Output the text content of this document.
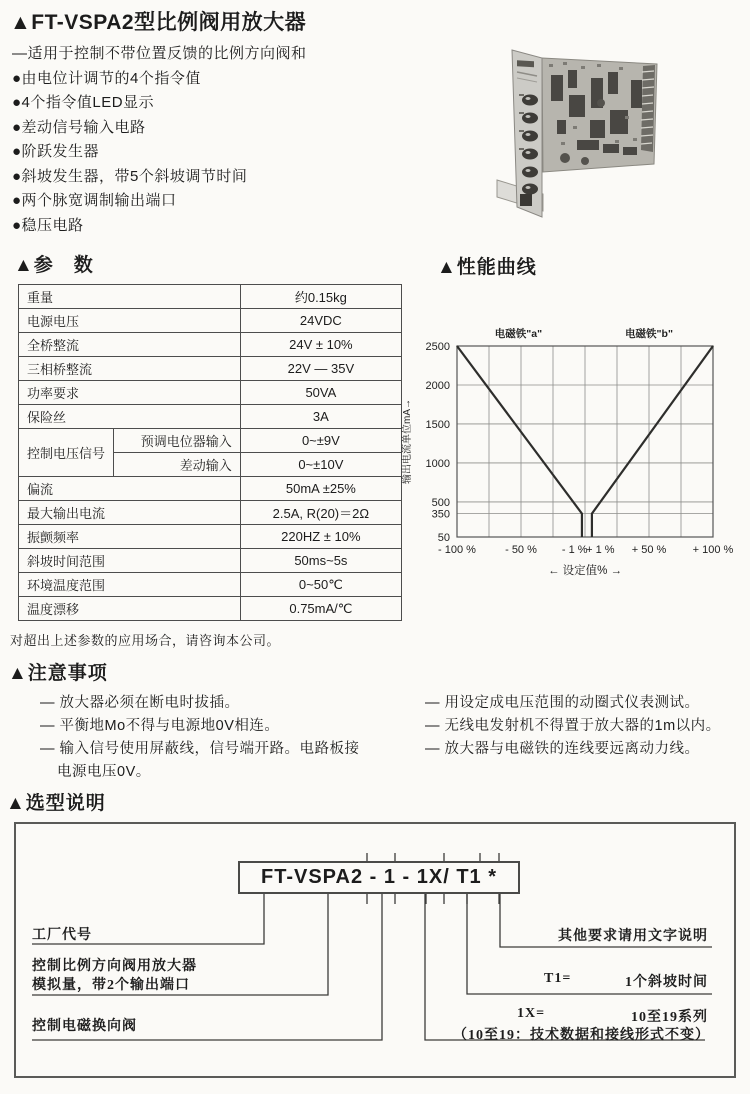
▲FT-VSPA2型比例阀用放大器
—适用于控制不带位置反馈的比例方向阀和
●由电位计调节的4个指令值
●4个指令值LED显示
●差动信号输入电路
●阶跃发生器
●斜坡发生器，带5个斜坡调节时间
●两个脉宽调制输出端口
●稳压电路
▲参　数
重量		约0.15kg
电源电压		24VDC
全桥整流		24V ± 10%
三相桥整流		22V — 35V
功率要求		50VA
保险丝		3A
控制电压信号	预调电位器输入	0~±9V
	差动输入	0~±10V
偏流		50mA ±25%
最大输出电流		2.5A, R(20)＝2Ω
振颤频率		220HZ ± 10%
斜坡时间范围		50ms~5s
环境温度范围		0~50℃
温度漂移		0.75mA/℃
对超出上述参数的应用场合，请咨询本公司。
▲性能曲线
2500
2000
1500
1000
500
350
50
- 100 %	- 50 % - 1 %
+ 1 % + 50 % + 100 %
电磁铁"a"	电磁铁"b"
← 设定值% →
输出电流单位mA→
▲注意事项
— 放大器必须在断电时拔插。
— 平衡地Mo不得与电源地0V相连。
— 输入信号使用屏蔽线，信号端开路。电路板接
电源电压0V。
— 用设定成电压范围的动圈式仪表测试。
— 无线电发射机不得置于放大器的1m以内。
— 放大器与电磁铁的连线要远离动力线。
▲选型说明
FT-VSPA2 - 1 - 1X/ T1 *
工厂代号
控制比例方向阀用放大器
模拟量，带2个输出端口
控制电磁换向阀
其他要求请用文字说明
T1=	1个斜坡时间
1X=	10至19系列
（10至19：技术数据和接线形式不变）
